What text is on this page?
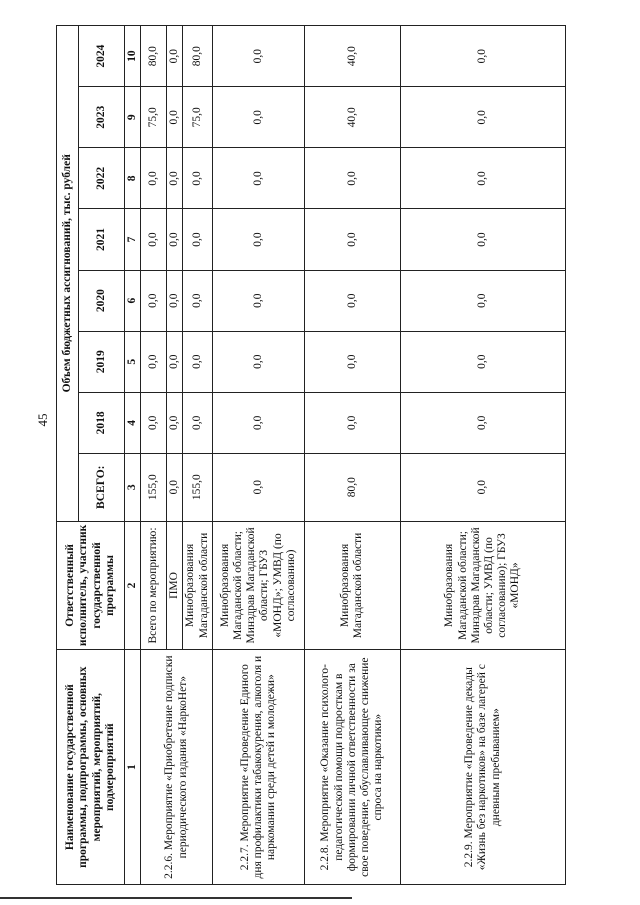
45
Наименование государственной программы, подпрограммы, основных мероприятий, мероприятий, подмероприятий	Ответственный исполнитель, участник государственной программы	Объем бюджетных ассигнований, тыс. рублей							
		ВСЕГО:	2018	2019	2020	2021	2022	2023	2024
1	2	3	4	5	6	7	8	9	10
2.2.6. Мероприятие «Приобретение подписки периодического издания «НаркоНет»	Всего по мероприятию:	155,0	0,0	0,0	0,0	0,0	0,0	75,0	80,0
	ПМО	0,0	0,0	0,0	0,0	0,0	0,0	0,0	0,0
	Минобразования Магаданской области	155,0	0,0	0,0	0,0	0,0	0,0	75,0	80,0
2.2.7. Мероприятие «Проведение Единого дня профилактики табакокурения, алкоголя и наркомании среди детей и молодежи»	Минобразования Магаданской области; Минздрав Магаданской области; ГБУЗ «МОНД»; УМВД (по согласованию)	0,0	0,0	0,0	0,0	0,0	0,0	0,0	0,0
2.2.8. Мероприятие «Оказание психолого-педагогической помощи подросткам в формировании личной ответственности за свое поведение, обуславливающее снижение спроса на наркотики»	Минобразования Магаданской области	80,0	0,0	0,0	0,0	0,0	0,0	40,0	40,0
2.2.9. Мероприятие «Проведение декады «Жизнь без наркотиков» на базе лагерей с дневным пребыванием»	Минобразования Магаданской области; Минздрав Магаданской области; УМВД (по согласованию); ГБУЗ «МОНД»	0,0	0,0	0,0	0,0	0,0	0,0	0,0	0,0
